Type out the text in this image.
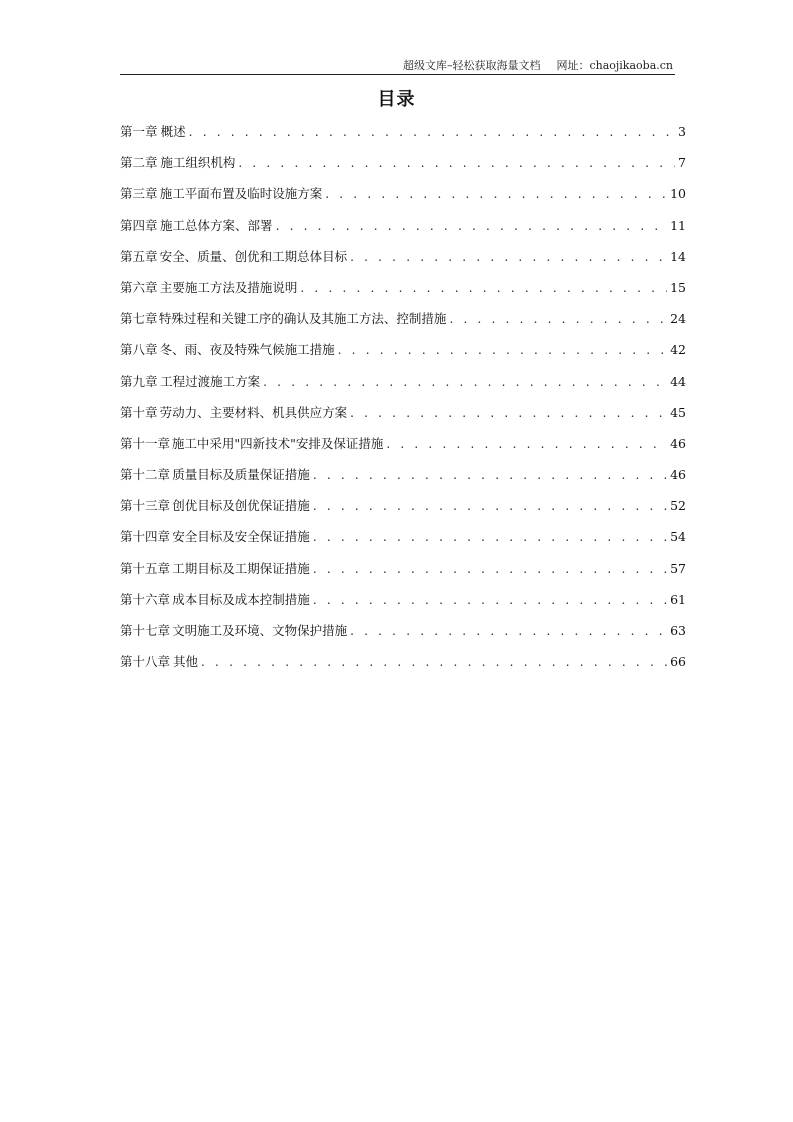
超级文库–轻松获取海量文档 网址：chaojikaoba.cn
目录
第一章 概述 . . .	3
第二章 施工组织机构 . . .	7
第三章 施工平面布置及临时设施方案 . . .	10
第四章 施工总体方案、部署 . . .	11
第五章 安全、质量、创优和工期总体目标 . . .	14
第六章 主要施工方法及措施说明 . . .	15
第七章 特殊过程和关键工序的确认及其施工方法、控制措施 . . .	24
第八章 冬、雨、夜及特殊气候施工措施 . . .	42
第九章 工程过渡施工方案 . . .	44
第十章 劳动力、主要材料、机具供应方案 . . .	45
第十一章 施工中采用"四新技术"安排及保证措施 . . .	46
第十二章 质量目标及质量保证措施 . . .	46
第十三章 创优目标及创优保证措施 . . .	52
第十四章 安全目标及安全保证措施 . . .	54
第十五章 工期目标及工期保证措施 . . .	57
第十六章 成本目标及成本控制措施 . . .	61
第十七章 文明施工及环境、文物保护措施 . . .	63
第十八章 其他 . . .	66
